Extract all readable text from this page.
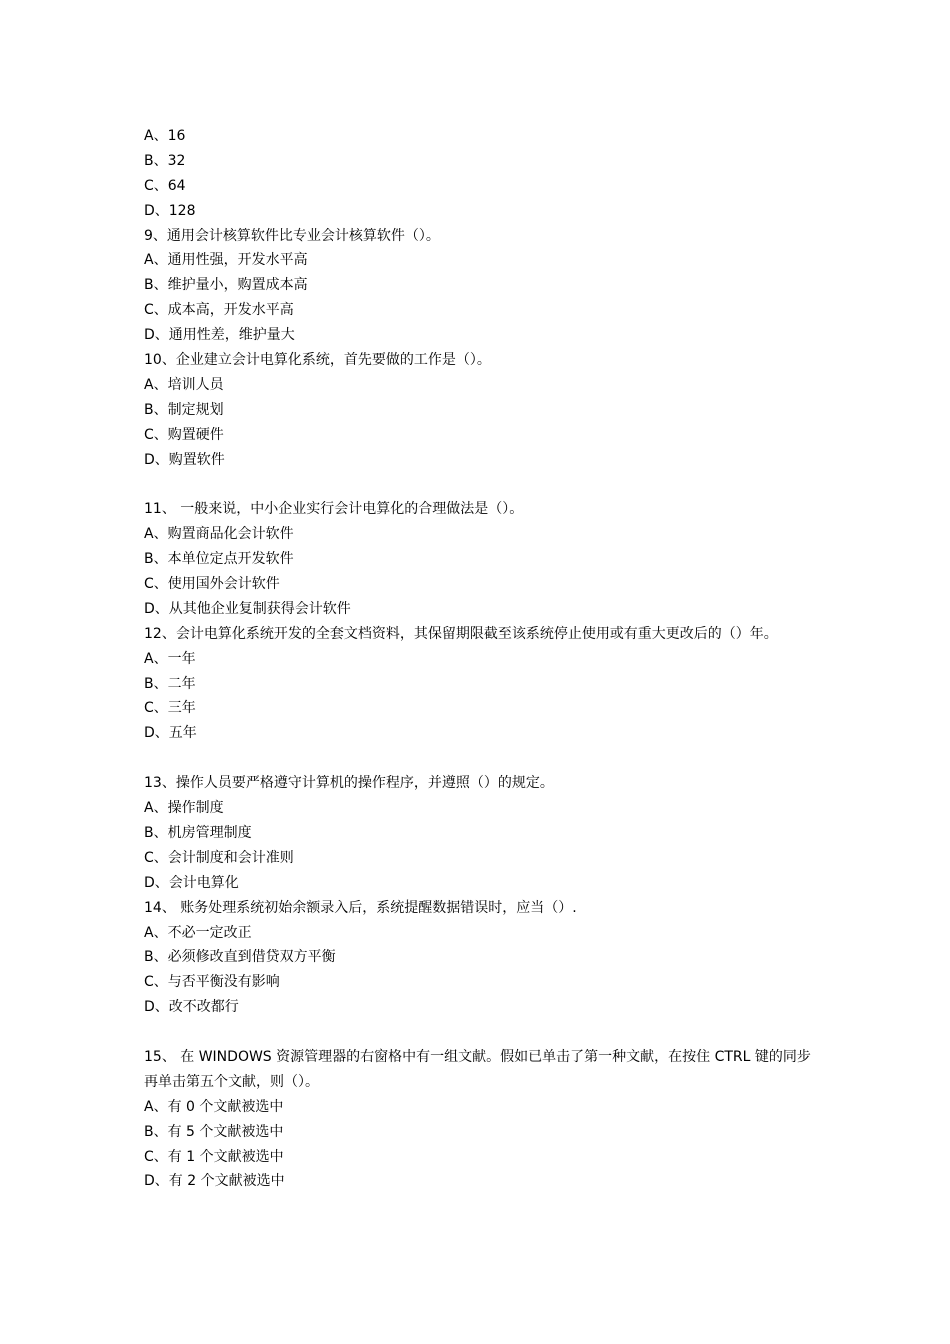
A、16
B、32
C、64
D、128
9、通用会计核算软件比专业会计核算软件（）。
A、通用性强，开发水平高
B、维护量小，购置成本高
C、成本高，开发水平高
D、通用性差，维护量大
10、企业建立会计电算化系统，首先要做的工作是（）。
A、培训人员
B、制定规划
C、购置硬件
D、购置软件
11、 一般来说，中小企业实行会计电算化的合理做法是（）。
A、购置商品化会计软件
B、本单位定点开发软件
C、使用国外会计软件
D、从其他企业复制获得会计软件
12、会计电算化系统开发的全套文档资料，其保留期限截至该系统停止使用或有重大更改后的（）年。
A、一年
B、二年
C、三年
D、五年
13、操作人员要严格遵守计算机的操作程序，并遵照（）的规定。
A、操作制度
B、机房管理制度
C、会计制度和会计准则
D、会计电算化
14、 账务处理系统初始余额录入后，系统提醒数据错误时，应当（）.
A、不必一定改正
B、必须修改直到借贷双方平衡
C、与否平衡没有影响
D、改不改都行
15、 在 WINDOWS 资源管理器的右窗格中有一组文献。假如已单击了第一种文献，在按住 CTRL 键的同步再单击第五个文献，则（）。
A、有 0 个文献被选中
B、有 5 个文献被选中
C、有 1 个文献被选中
D、有 2 个文献被选中
